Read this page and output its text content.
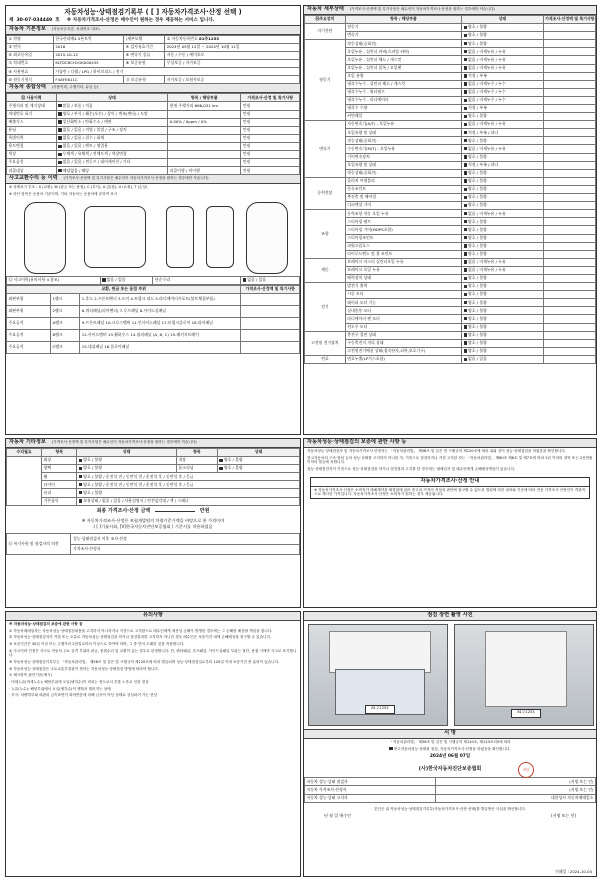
자동차성능·상태점검기록부 ( [ ] 자동차가격조사·산정 선택 )
제 30-07-034449 호 ※ 자동차가격조사·산정은 매수인이 원하는 경우 제공하는 서비스 입니다.
자동차 기본정보 (자동차등록증, 차대번호 대조)
① 차명	한국산리베4.5톤트럭	(세부모델	② 자동차등록번호 81주1253
③ 연식	2016	④ 검사유효기간	2024년 05월 12일 ~ 2024년 10월 11일
⑤ 최초등록일	2015-10-12	⑥ 변속기 종류	자동 / 수동 / 세미오토
⑦ 차대번호	KLTDC8CH1GK000435	⑧ 보증유형	무상보증 / 자가보증
⑨ 사용연료	가솔린 / 디젤 / LPG / 하이브리드 / 전기		
⑩ 원동기형식	F4AFE611C	⑪ 보증유형	자가보증 / 보험사보증
자동차 종합상태 (사용이력, 주행거리, 튜닝 등)
⑫ 사용이력	상태	항목 / 해당부품	가격조사·산정 및 특기사항
주행거리 및 계기상태	많음 / 보통 / 적음	현재 주행거리 666,031 km	만원
차대번호 표기	양호 / 부식 / 훼손(오손) / 상이 / 변조(변타) / 도말		만원
배출가스	일산화탄소 / 탄화수소 / 매연	0.00% / 0ppm / 0%	만원
튜닝	없음 / 있음 / 적법 / 불법 / 구조 / 장치		만원
특별이력	없음 / 있음 / 침수 / 화재		만원
용도변경	없음 / 있음 / 렌트 / 영업용		만원
색상	무채색 / 유채색 / 전체도색 / 색상변경		만원
주요옵션	없음 / 있음 / 썬루프 / 네비게이션 / 기타		만원
리콜대상	해당없음 / 해당	리콜이행 / 미이행	만원
사고교환수리 등 이력 (가격조사·산정액 및 특기사항은 매수인이 자동차가격조사·산정을 원하는 경우에만 적습니다)
※ 상태표시 부호 : X (교환), W (판금 또는 용접), C (부식), A (흠집), U (요철), T (손상)
※ 하단 항목은 승용차 기준이며, 기타 자동차는 승용차에 준하여 표시
⑬ 사고이력(유의사항 4 참조)	없음 / 있음	단순수리	없음 / 있음
교환, 판금 또는 용접 부위			가격조사·산정액 및 특기사항
외판부위	1랭크	1.후드 2.프론트펜더 3.도어 4.트렁크 리드 5.라디에이터서포트(볼트체결부품)	
외판부위	2랭크	6.쿼터패널(리어펜더) 7.루프패널 8.사이드실패널	
주요골격	A랭크	9.프론트패널 10.크로스멤버 11.인사이드패널 17.트렁크플로어 18.리어패널	
주요골격	B랭크	12.사이드멤버 13.휠하우스 14.필러패널 (A, B, C) 19.패키지트레이	
주요골격	C랭크	15.대쉬패널 16.플로어패널	
자동차 세부상태 (가격조사·산정액 및 특기사항은 매수인이 자동차가격조사·산정을 원하는 경우에만 적습니다)
⑭주요장치	항목 / 해당부품	상태	가격조사·산정액 및 특기사항
자기진단	원동기	양호 / 불량	
	변속기	양호 / 불량	
원동기	작동상태(공회전)	양호 / 불량	
	오일누유 - 실린더 커버(로커암 커버)	없음 / 미세누유 / 누유	
	오일누유 - 실린더 헤드 / 개스킷	없음 / 미세누유 / 누유	
	오일누유 - 실린더 블록 / 오일팬	없음 / 미세누유 / 누유	
	오일 유량	적정 / 부족	
	냉각수누수 - 실린더 헤드 / 개스킷	없음 / 미세누수 / 누수	
	냉각수누수 - 워터펌프	없음 / 미세누수 / 누수	
	냉각수누수 - 라디에이터	없음 / 미세누수 / 누수	
	냉각수 수량	적정 / 부족	
	커먼레일	양호 / 불량	
변속기	자동변속기(A/T) - 오일누유	없음 / 미세누유 / 누유	
	오일유량 및 상태	적정 / 부족 / 과다	
	작동상태(공회전)	양호 / 불량	
	수동변속기(M/T) - 오일누유	없음 / 미세누유 / 누유	
	기어변속장치	양호 / 불량	
	오일유량 및 상태	적정 / 부족 / 과다	
	작동상태(공회전)	양호 / 불량	
동력전달	클러치 어셈블리	양호 / 불량	
	등속조인트	양호 / 불량	
	추진축 및 베어링	양호 / 불량	
	디퍼렌셜 기어	양호 / 불량	
조향	동력조향 작동 오일 누유	없음 / 미세누유 / 누유	
	스티어링 펌프	양호 / 불량	
	스티어링 기어(MDPS포함)	양호 / 불량	
	스티어링조인트	양호 / 불량	
	파워고압호스	양호 / 불량	
	타이로드엔드 및 볼 조인트	양호 / 불량	
제동	브레이크 마스터 실린더오일 누유	없음 / 미세누유 / 누유	
	브레이크 오일 누유	없음 / 미세누유 / 누유	
	배력장치 상태	양호 / 불량	
전기	발전기 출력	양호 / 불량	
	시동 모터	양호 / 불량	
	와이퍼 모터 기능	양호 / 불량	
	실내송풍 모터	양호 / 불량	
	라디에이터 팬 모터	양호 / 불량	
	윈도우 모터	양호 / 불량	
고전원 전기장치	충전구 절연 상태	양호 / 불량	
	구동축전지 격리 상태	양호 / 불량	
	고전원전기배선 상태(접속단자,피복,보호기구)	양호 / 불량	
연료	연료누출(LP가스포함)	없음 / 있음	
자동차 기타정보 (가격조사·산정액 및 특기사항은 매수인이 자동차가격조사·산정을 원하는 경우에만 적습니다)
수리필요	항목	상태	항목	상태
	외장	양호 / 불량	내장	양호 / 불량
	광택	양호 / 불량	룸크리닝	양호 / 불량
	휠	양호 / 불량 / 운전석 전 / 동반석 전 / 운전석 후 / 동반석 후 / 응급		
	타이어	양호 / 불량 / 운전석 전 / 동반석 전 / 운전석 후 / 동반석 후 / 응급		
	유리	양호 / 불량		
	기본품목	보유상태 / 없음 / 있음 / 사용설명서 / 안전삼각대 / 잭 / 스패너		
최종 가격조사·산정 금액	만원
※ 자동차가격조사·산정은 보험개발원의 차량기준가액을 바탕으로 한 가격이며
( [ ]기술사회, [V]한국자동차진단보증협회 ) 기준서를 적용하였음
⑮ 특기사항 및 점검자의 의견	성능·상태점검자 이후 조사·산정
가격조사·산정자
자동차성능·상태점검의 보증에 관한 사항 등
자동차성능·상태점검자 및 자동차가격조사·산정자는 「자동차관리법」 제58조 및 같은 법 시행규칙 제120조에 따라 위와 같이 성능·상태점검을 하였음을 확인합니다.
중고자동차의 구조·장치 등의 성능·상태를 고지하지 아니한 자, 거짓으로 점검하거나 거짓 고지한 자는 「자동차관리법」 제80조 제6호 및 제7호에 따라 2년 이하의 징역 또는 2천만원 이하의 벌금에 처합니다.
성능·상태점검자가 거짓으로 성능·상태점검을 하거나 점검결과 고지를 한 경우에는 매매업자 및 매수인에게 손해배상책임이 있습니다.
자동차가격조사·산정 안내
※ 자동차가격조사·산정은 소비자가 매매계약을 체결함에 있어 중고차 가격의 적정성 판단에 참고할 수 있도록 법령에 의한 절차와 기준에 따라 전문 가격조사·산정인이 객관적으로 제시한 가격입니다. 자동차가격조사·산정은 소비자가 원하는 경우 제공됩니다.
유의사항
※ 자동차성능·상태점검의 보증에 관한 사항 등
① 자동차매매업자는 자동차성능·상태점검내용을 고지하지 아니하거나 거짓으로 고지함으로 매수인에게 재산상 손해가 발생한 경우에는 그 손해를 배상할 책임을 집니다.
② 자동차성능·상태점검자가 거짓 또는 오류로 자동차성능·상태점검을 하거나 점검결과를 고지하지 아니한 경우 매수인은 보증기간 내에 손해배상을 청구할 수 있습니다.
③ 보증기간은 30일 이상 또는 주행거리 2천킬로미터 이상으로 하여야 하며, 그 중 먼저 도래한 것을 적용합니다.
④ 사고이력 인정은 사고로 자동차 주요 골격 부위의 판금, 용접수리 및 교환이 있는 경우로 한정합니다. 단, 쿼터패널, 루프패널, 사이드실패널 부위는 절단, 용접 시에만 사고로 표기합니다.
⑤ 자동차성능·상태점검기록부는 「자동차관리법」 제58조 및 같은 법 시행규칙 제120조에 따라 발급되며 성능·상태점검일로부터 120일 이내 보증기간 중 효력이 있습니다.
⑥ 자동차성능·상태점검은 국토교통부장관이 정하는 자동차성능·상태점검 방법에 따라야 합니다.
⑦ 체크항목 판단기준(예시)
· 미세누유(미세누수): 해당부위에 오일(냉각수)이 비치는 정도로서 부품 노후로 인한 현상
· 누유(누수): 해당부위에서 오일(냉각수)이 맺혀서 떨어지는 상태
· 부식: 차량하부와 외판의 금속표면이 화학반응에 의해 금속이 아닌 상태로 상실되어 가는 현상
점검 장면 촬영 사진
81주1253
81주1253
서 명
「자동차관리법」 제58조 및 같은 법 시행규칙 제120조, 제123조의5에 따라
중고자동차성능·상태를 점검, 자동차가격조사·산정을 하였음을 확인합니다.
2024년 06월 07일
(사)한국자동차진단보증협회	직인
자동차 성능·상태 점검자	(서명 또는 인)
자동차 가격조사·산정자	(서명 또는 인)
자동차 성능·상태 고지자	대한성사 자동차매매업소
본인은 위 자동차성능·상태점검기록부(자동차가격조사·산정 선택)를 발급받은 사실을 확인합니다.
년 월 일 매수인	(서명 또는 인)
인쇄일 : 2024-10-04
